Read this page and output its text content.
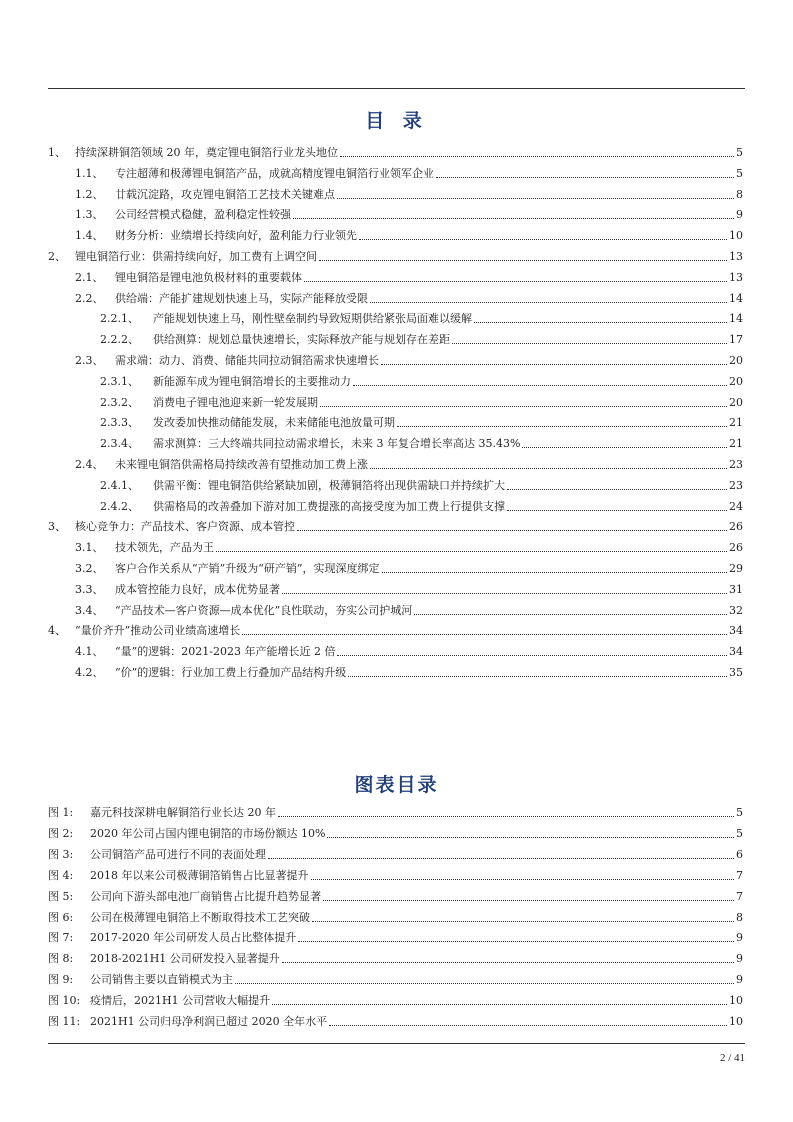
目 录
1、 持续深耕铜箔领域 20 年，奠定锂电铜箔行业龙头地位	5
1.1、	专注超薄和极薄锂电铜箔产品，成就高精度锂电铜箔行业领军企业	5
1.2、	廿载沉淀路，攻克锂电铜箔工艺技术关键难点	8
1.3、	公司经营模式稳健，盈利稳定性较强	9
1.4、	财务分析：业绩增长持续向好，盈利能力行业领先	10
2、 锂电铜箔行业：供需持续向好，加工费有上调空间	13
2.1、	锂电铜箔是锂电池负极材料的重要载体	13
2.2、	供给端：产能扩建规划快速上马，实际产能释放受限	14
2.2.1、	产能规划快速上马，刚性壁垒制约导致短期供给紧张局面难以缓解	14
2.2.2、	供给测算：规划总量快速增长，实际释放产能与规划存在差距	17
2.3、	需求端：动力、消费、储能共同拉动铜箔需求快速增长	20
2.3.1、	新能源车成为锂电铜箔增长的主要推动力	20
2.3.2、	消费电子锂电池迎来新一轮发展期	20
2.3.3、	发改委加快推动储能发展，未来储能电池放量可期	21
2.3.4、	需求测算：三大终端共同拉动需求增长，未来 3 年复合增长率高达 35.43%	21
2.4、	未来锂电铜箔供需格局持续改善有望推动加工费上涨	23
2.4.1、	供需平衡：锂电铜箔供给紧缺加剧，极薄铜箔将出现供需缺口并持续扩大	23
2.4.2、	供需格局的改善叠加下游对加工费提涨的高接受度为加工费上行提供支撑	24
3、 核心竞争力：产品技术、客户资源、成本管控	26
3.1、	技术领先，产品为王	26
3.2、	客户合作关系从“产销”升级为“研产销”，实现深度绑定	29
3.3、	成本管控能力良好，成本优势显著	31
3.4、	“产品技术—客户资源—成本优化”良性联动，夯实公司护城河	32
4、 “量价齐升”推动公司业绩高速增长	34
4.1、	“量”的逻辑：2021-2023 年产能增长近 2 倍	34
4.2、	“价”的逻辑：行业加工费上行叠加产品结构升级	35
图表目录
图 1:	嘉元科技深耕电解铜箔行业长达 20 年	5
图 2:	2020 年公司占国内锂电铜箔的市场份额达 10%	5
图 3:	公司铜箔产品可进行不同的表面处理	6
图 4:	2018 年以来公司极薄铜箔销售占比显著提升	7
图 5:	公司向下游头部电池厂商销售占比提升趋势显著	7
图 6:	公司在极薄锂电铜箔上不断取得技术工艺突破	8
图 7:	2017-2020 年公司研发人员占比整体提升	9
图 8:	2018-2021H1 公司研发投入显著提升	9
图 9:	公司销售主要以直销模式为主	9
图 10: 疫情后，2021H1 公司营收大幅提升	10
图 11: 2021H1 公司归母净利润已超过 2020 全年水平	10
2 / 41
